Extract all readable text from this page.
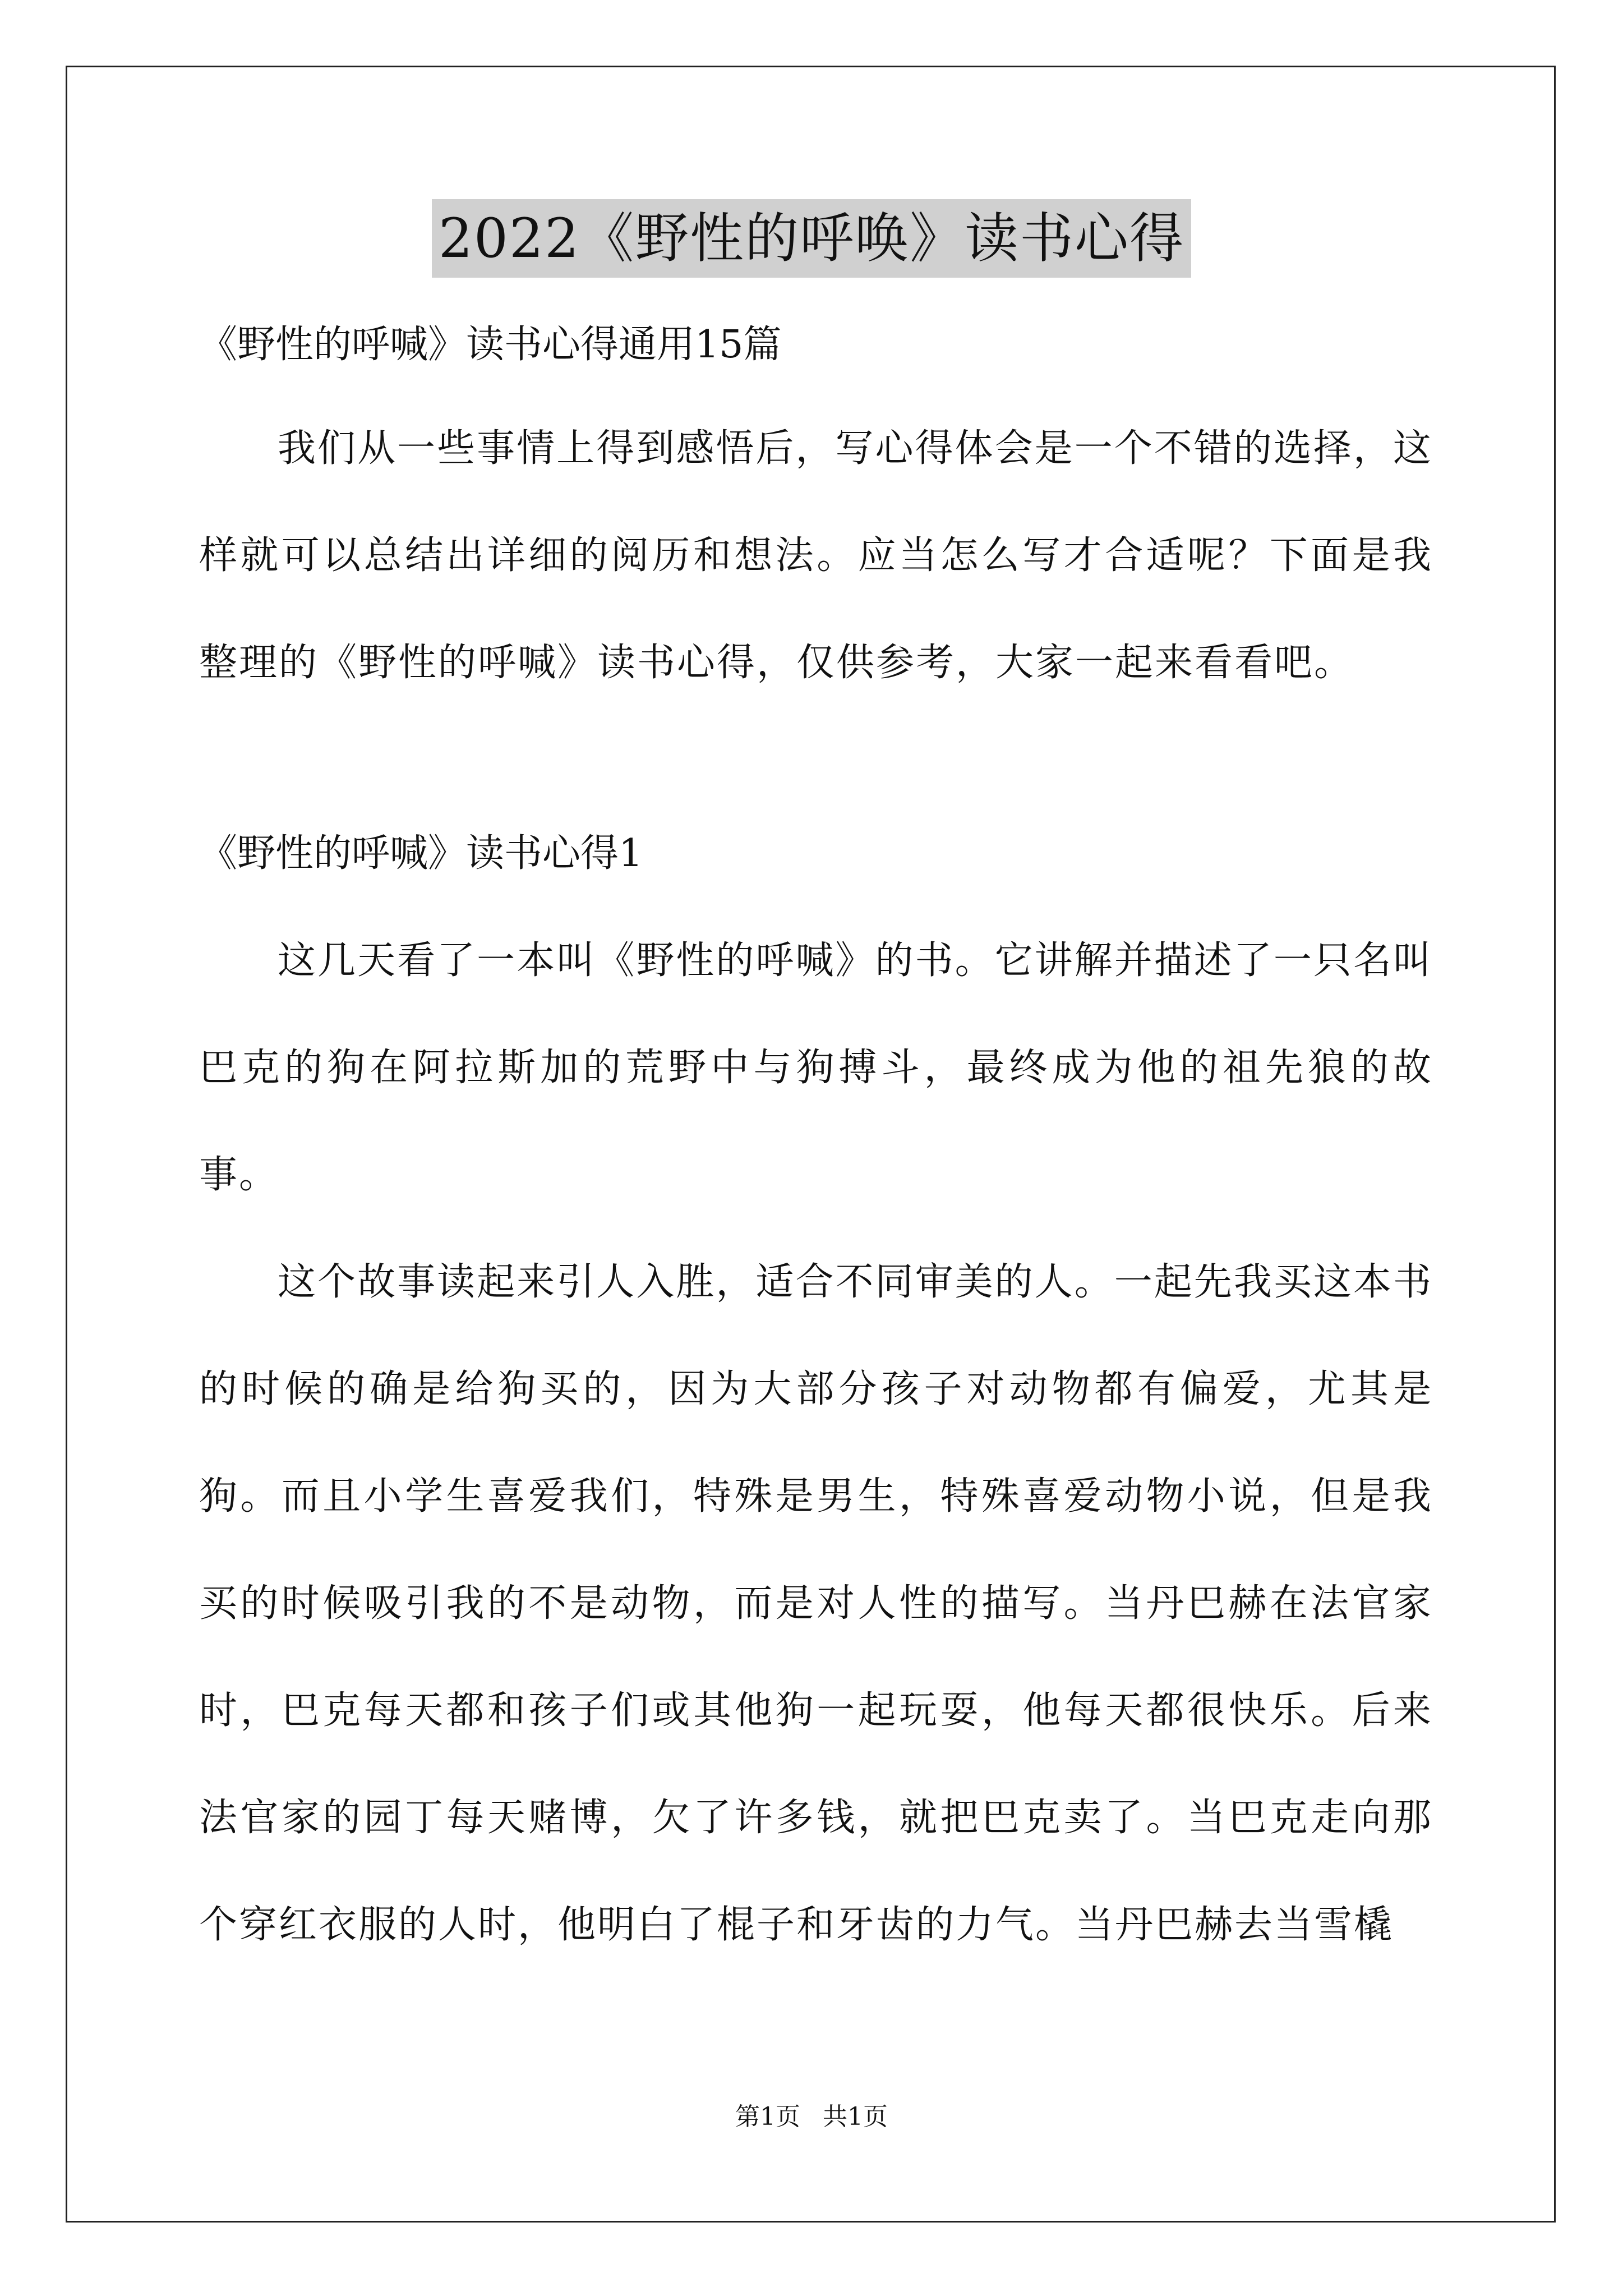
2022《野性的呼唤》读书心得

《野性的呼喊》读书心得通用15篇

我们从一些事情上得到感悟后，写心得体会是一个不错的选择，这样就可以总结出详细的阅历和想法。应当怎么写才合适呢？下面是我整理的《野性的呼喊》读书心得，仅供参考，大家一起来看看吧。

《野性的呼喊》读书心得1

这几天看了一本叫《野性的呼喊》的书。它讲解并描述了一只名叫巴克的狗在阿拉斯加的荒野中与狗搏斗，最终成为他的祖先狼的故事。

这个故事读起来引人入胜，适合不同审美的人。一起先我买这本书的时候的确是给狗买的，因为大部分孩子对动物都有偏爱，尤其是狗。而且小学生喜爱我们，特殊是男生，特殊喜爱动物小说，但是我买的时候吸引我的不是动物，而是对人性的描写。当丹巴赫在法官家时，巴克每天都和孩子们或其他狗一起玩耍，他每天都很快乐。后来法官家的园丁每天赌博，欠了许多钱，就把巴克卖了。当巴克走向那个穿红衣服的人时，他明白了棍子和牙齿的力气。当丹巴赫去当雪橇

第1页 共1页
